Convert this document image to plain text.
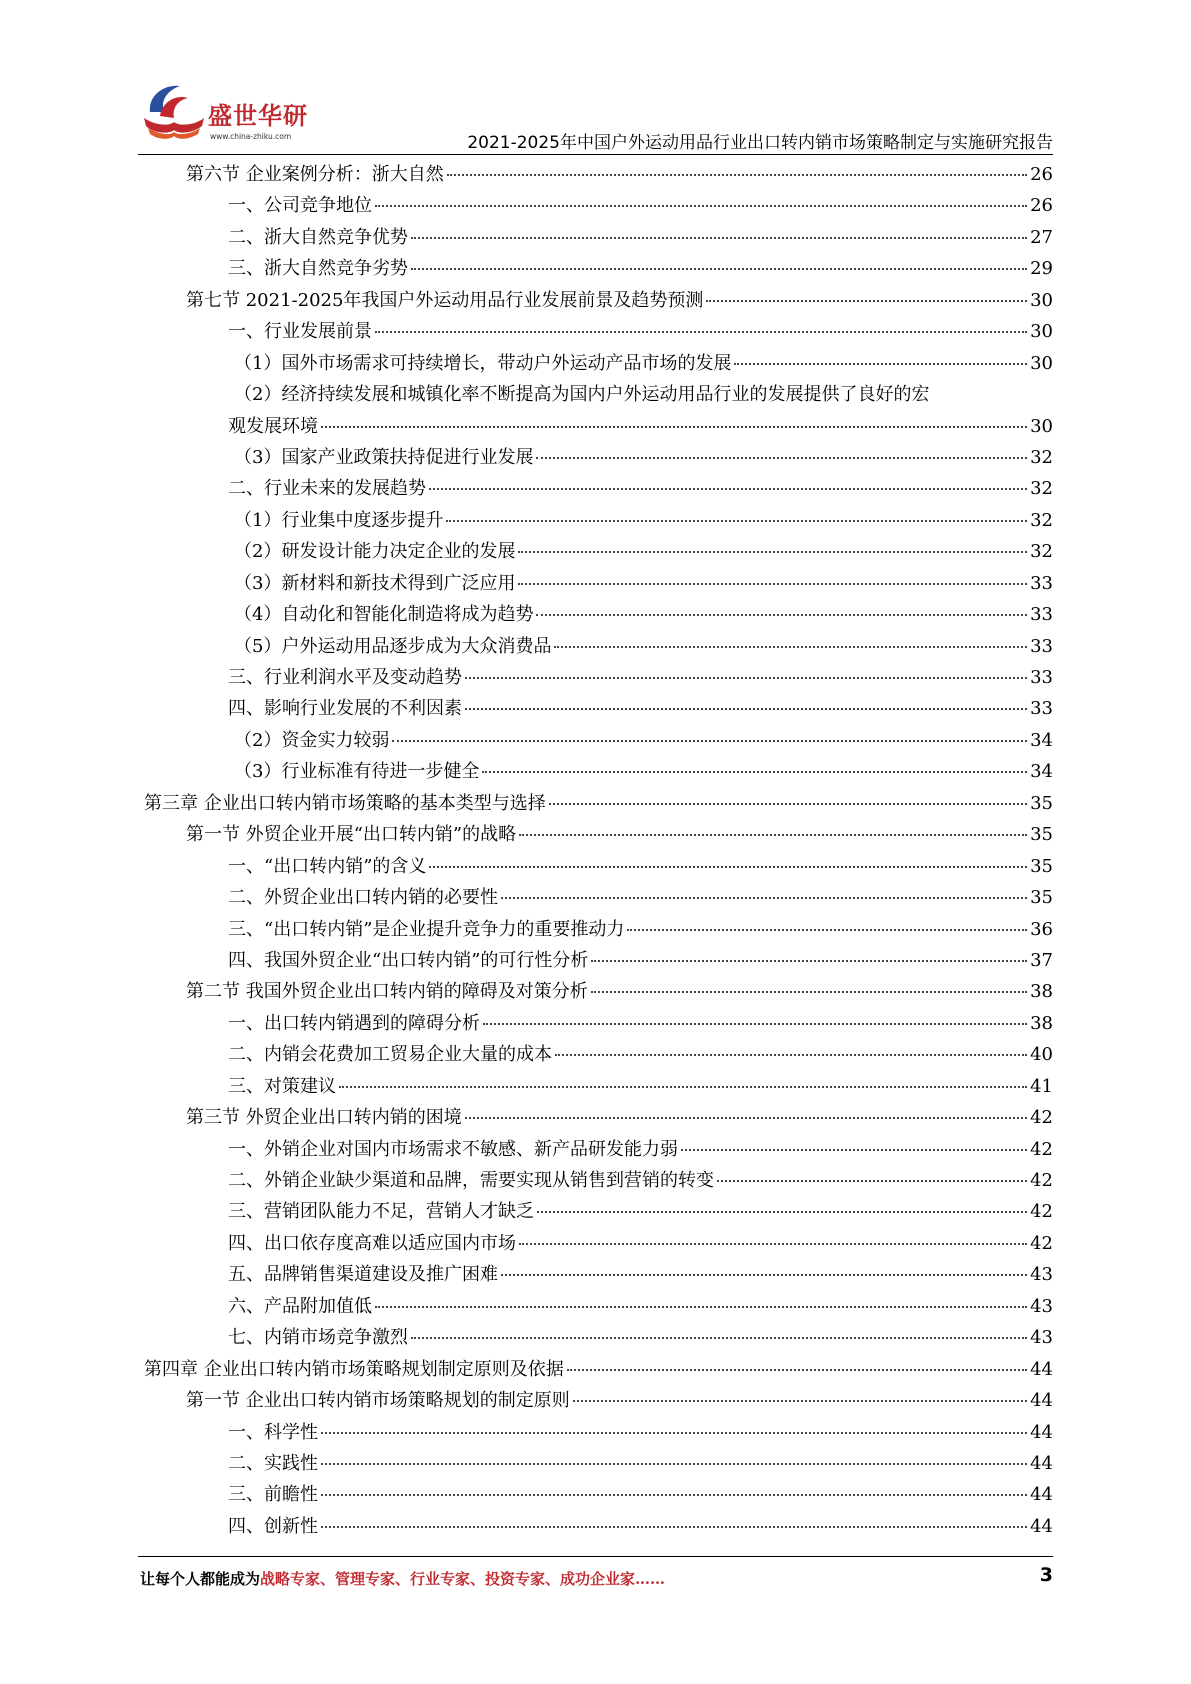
盛世华研
www.china-zhiku.com	2021-2025年中国户外运动用品行业出口转内销市场策略制定与实施研究报告
第六节 企业案例分析：浙大自然	26
一、公司竞争地位	26
二、浙大自然竞争优势	27
三、浙大自然竞争劣势	29
第七节 2021-2025年我国户外运动用品行业发展前景及趋势预测	30
一、行业发展前景	30
（1）国外市场需求可持续增长，带动户外运动产品市场的发展	30
（2）经济持续发展和城镇化率不断提高为国内户外运动用品行业的发展提供了良好的宏
观发展环境	30
（3）国家产业政策扶持促进行业发展	32
二、行业未来的发展趋势	32
（1）行业集中度逐步提升	32
（2）研发设计能力决定企业的发展	32
（3）新材料和新技术得到广泛应用	33
（4）自动化和智能化制造将成为趋势	33
（5）户外运动用品逐步成为大众消费品	33
三、行业利润水平及变动趋势	33
四、影响行业发展的不利因素	33
（2）资金实力较弱	34
（3）行业标准有待进一步健全	34
第三章 企业出口转内销市场策略的基本类型与选择	35
第一节 外贸企业开展“出口转内销”的战略	35
一、“出口转内销”的含义	35
二、外贸企业出口转内销的必要性	35
三、“出口转内销”是企业提升竞争力的重要推动力	36
四、我国外贸企业“出口转内销”的可行性分析	37
第二节 我国外贸企业出口转内销的障碍及对策分析	38
一、出口转内销遇到的障碍分析	38
二、内销会花费加工贸易企业大量的成本	40
三、对策建议	41
第三节 外贸企业出口转内销的困境	42
一、外销企业对国内市场需求不敏感、新产品研发能力弱	42
二、外销企业缺少渠道和品牌，需要实现从销售到营销的转变	42
三、营销团队能力不足，营销人才缺乏	42
四、出口依存度高难以适应国内市场	42
五、品牌销售渠道建设及推广困难	43
六、产品附加值低	43
七、内销市场竞争激烈	43
第四章 企业出口转内销市场策略规划制定原则及依据	44
第一节 企业出口转内销市场策略规划的制定原则	44
一、科学性	44
二、实践性	44
三、前瞻性	44
四、创新性	44
让每个人都能成为战略专家、管理专家、行业专家、投资专家、成功企业家……	3
